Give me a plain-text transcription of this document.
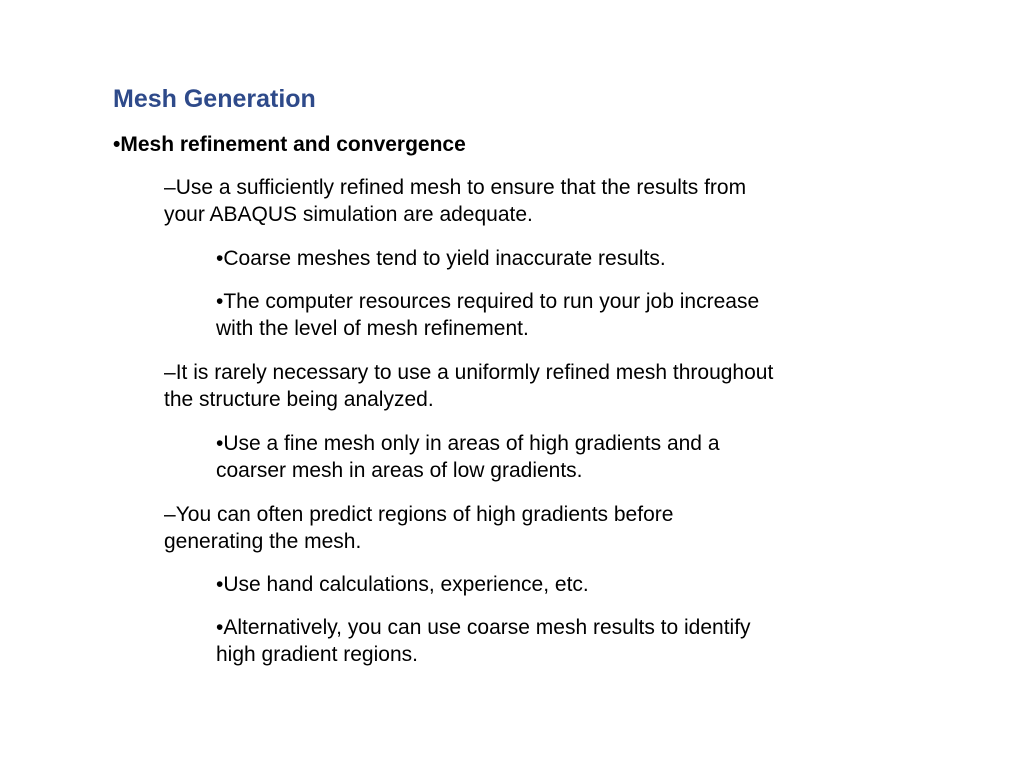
Mesh Generation

•Mesh refinement and convergence

–Use a sufficiently refined mesh to ensure that the results from
your ABAQUS simulation are adequate.

•Coarse meshes tend to yield inaccurate results.

•The computer resources required to run your job increase
with the level of mesh refinement.

–It is rarely necessary to use a uniformly refined mesh throughout
the structure being analyzed.

•Use a fine mesh only in areas of high gradients and a
coarser mesh in areas of low gradients.

–You can often predict regions of high gradients before
generating the mesh.

•Use hand calculations, experience, etc.

•Alternatively, you can use coarse mesh results to identify
high gradient regions.
